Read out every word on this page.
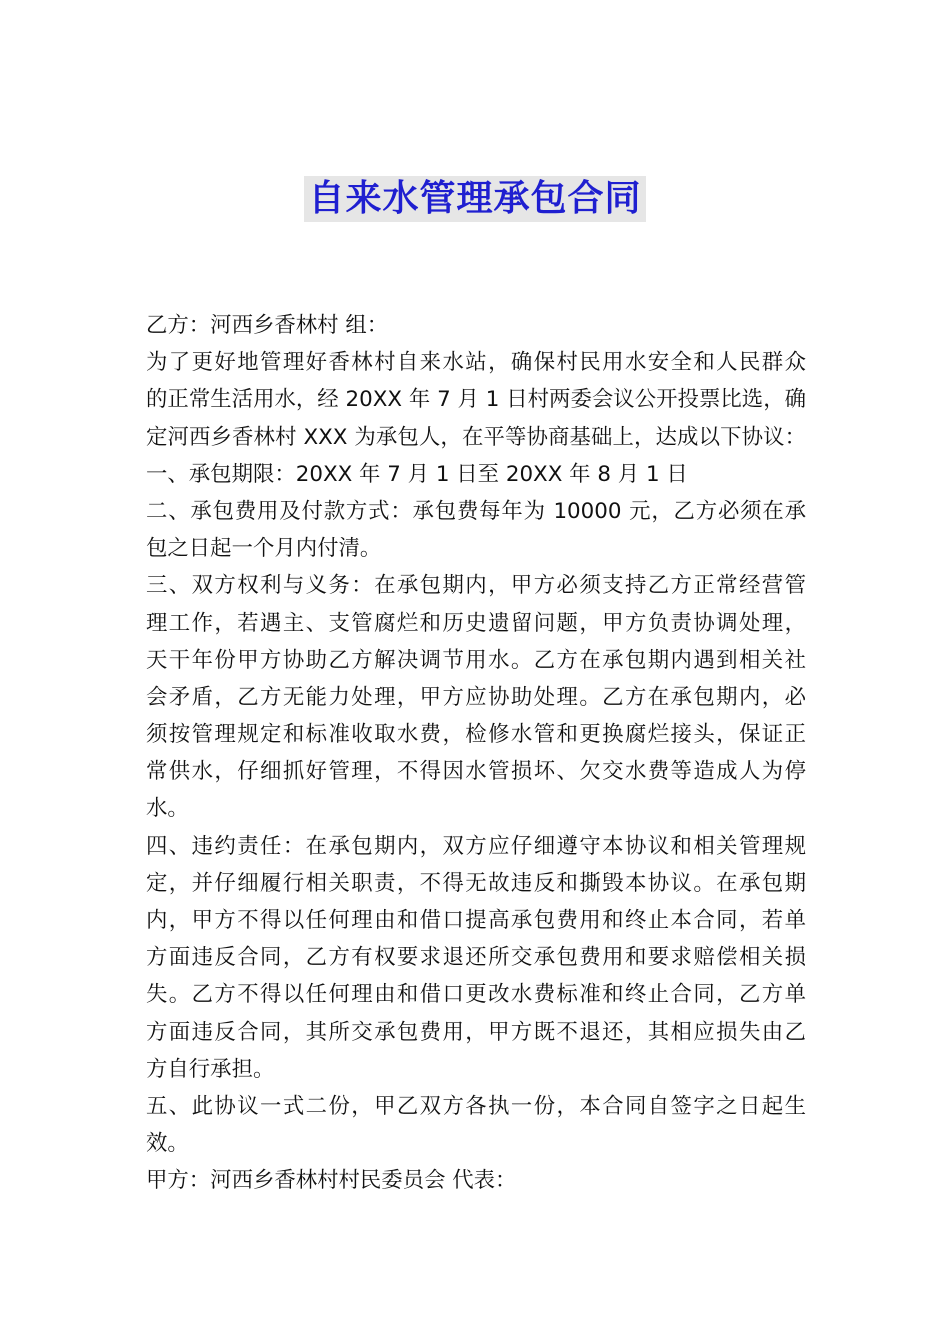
自来水管理承包合同
乙方：河西乡香林村 组：
为了更好地管理好香林村自来水站，确保村民用水安全和人民群众
的正常生活用水，经 20XX 年 7 月 1 日村两委会议公开投票比选，确
定河西乡香林村 XXX 为承包人，在平等协商基础上，达成以下协议：
一、承包期限：20XX 年 7 月 1 日至 20XX 年 8 月 1 日
二、承包费用及付款方式：承包费每年为 10000 元，乙方必须在承
包之日起一个月内付清。
三、双方权利与义务：在承包期内，甲方必须支持乙方正常经营管
理工作，若遇主、支管腐烂和历史遗留问题，甲方负责协调处理，
天干年份甲方协助乙方解决调节用水。乙方在承包期内遇到相关社
会矛盾，乙方无能力处理，甲方应协助处理。乙方在承包期内，必
须按管理规定和标准收取水费，检修水管和更换腐烂接头，保证正
常供水，仔细抓好管理，不得因水管损坏、欠交水费等造成人为停
水。
四、违约责任：在承包期内，双方应仔细遵守本协议和相关管理规
定，并仔细履行相关职责，不得无故违反和撕毁本协议。在承包期
内，甲方不得以任何理由和借口提高承包费用和终止本合同，若单
方面违反合同，乙方有权要求退还所交承包费用和要求赔偿相关损
失。乙方不得以任何理由和借口更改水费标准和终止合同，乙方单
方面违反合同，其所交承包费用，甲方既不退还，其相应损失由乙
方自行承担。
五、此协议一式二份，甲乙双方各执一份，本合同自签字之日起生
效。
甲方：河西乡香林村村民委员会 代表：
